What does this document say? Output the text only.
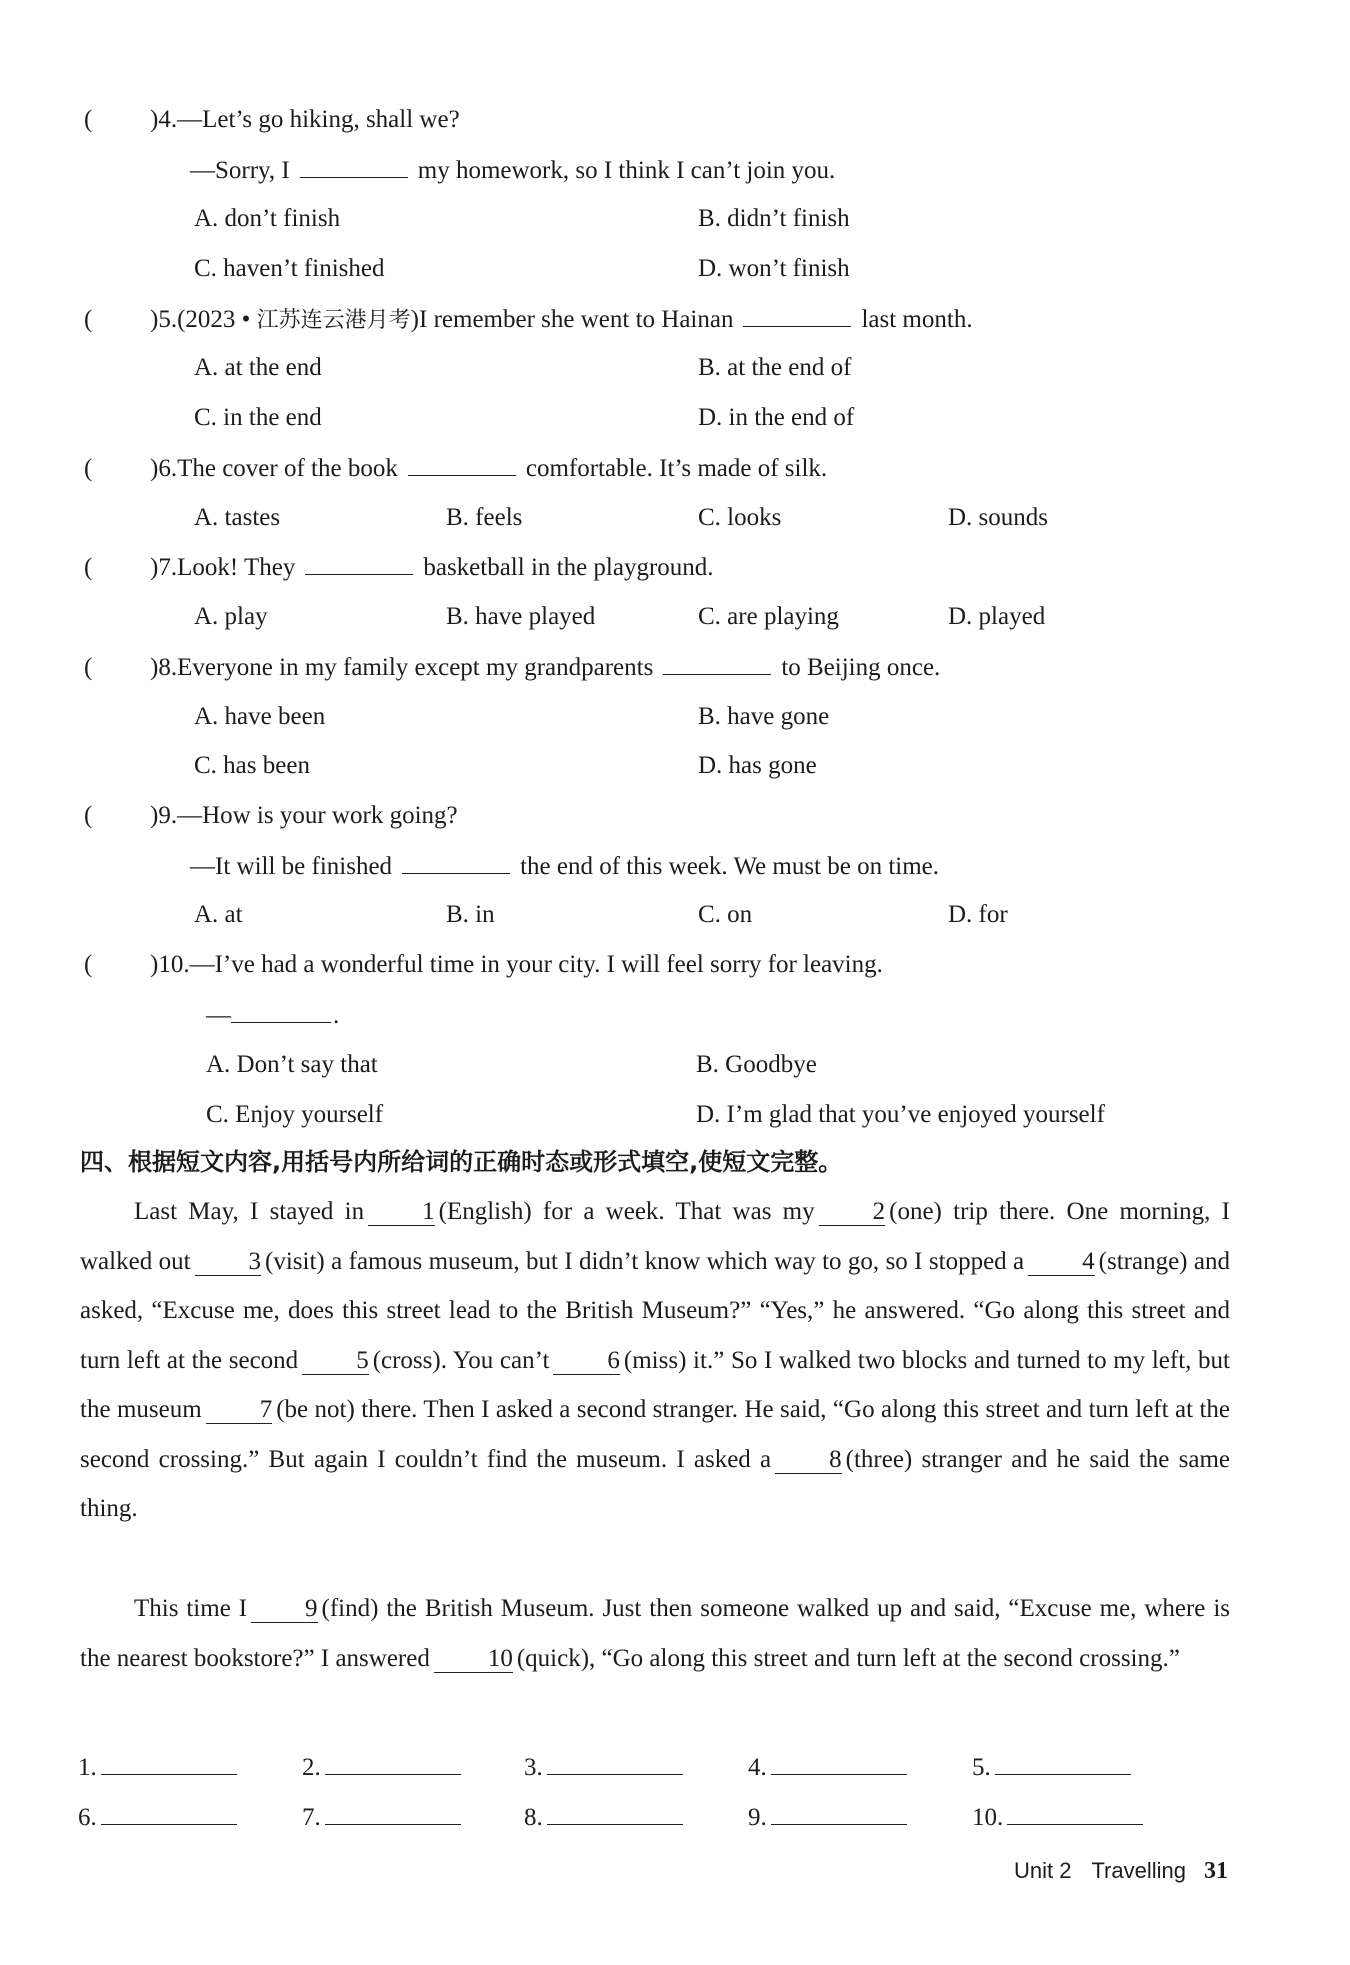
( )4.—Let’s go hiking, shall we?
—Sorry, I	my homework, so I think I can’t join you.
A. don’t finish	B. didn’t finish
C. haven’t finished	D. won’t finish
( )5.(2023 • 江苏连云港月考)I remember she went to Hainan	last month.
A. at the end	B. at the end of
C. in the end	D. in the end of
( )6.The cover of the book	comfortable. It’s made of silk.
A. tastes	B. feels	C. looks	D. sounds
( )7.Look! They	basketball in the playground.
A. play	B. have played	C. are playing	D. played
( )8.Everyone in my family except my grandparents	to Beijing once.
A. have been	B. have gone
C. has been	D. has gone
( )9.—How is your work going?
—It will be finished	the end of this week. We must be on time.
A. at	B. in	C. on	D. for
( )10.—I’ve had a wonderful time in your city. I will feel sorry for leaving.
—	.
A. Don’t say that	B. Goodbye
C. Enjoy yourself	D. I’m glad that you’ve enjoyed yourself
四、根据短文内容,用括号内所给词的正确时态或形式填空,使短文完整。
Last May, I stayed in 1 (English) for a week. That was my 2 (one) trip there. One morning, I walked out 3 (visit) a famous museum, but I didn’t know which way to go, so I stopped a 4 (strange) and asked, “Excuse me, does this street lead to the British Museum?” “Yes,” he answered. “Go along this street and turn left at the second 5 (cross). You can’t 6 (miss) it.” So I walked two blocks and turned to my left, but the museum 7 (be not) there. Then I asked a second stranger. He said, “Go along this street and turn left at the second crossing.” But again I couldn’t find the museum. I asked a 8 (three) stranger and he said the same thing.
This time I 9 (find) the British Museum. Just then someone walked up and said, “Excuse me, where is the nearest bookstore?” I answered 10 (quick), “Go along this street and turn left at the second crossing.”
1.	2.	3.	4.	5.
6.	7.	8.	9.	10.
Unit 2 Travelling 31
